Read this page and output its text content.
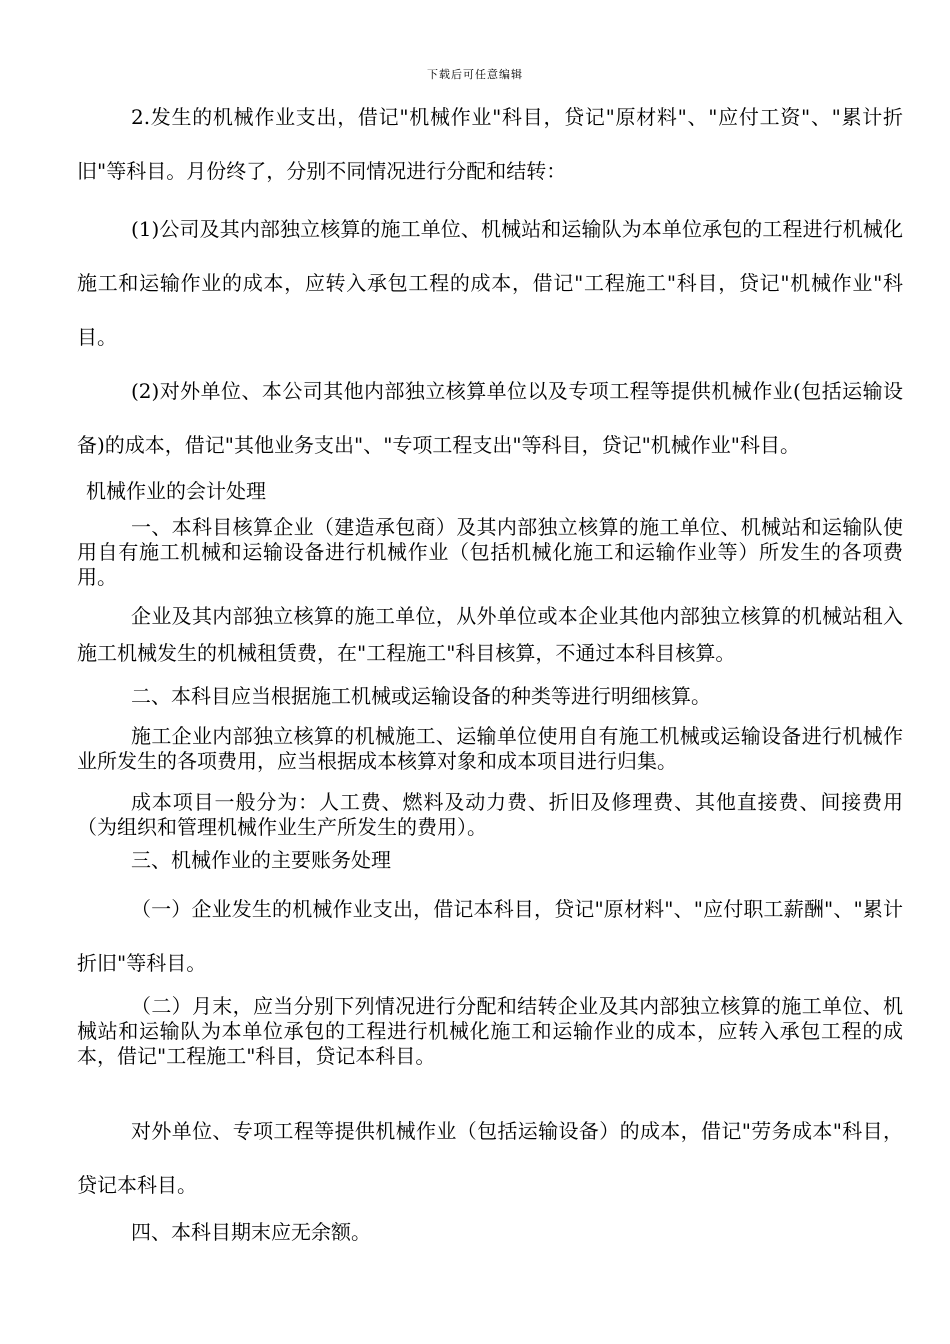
下载后可任意编辑

2.发生的机械作业支出，借记"机械作业"科目，贷记"原材料"、"应付工资"、"累计折旧"等科目。月份终了，分别不同情况进行分配和结转：

(1)公司及其内部独立核算的施工单位、机械站和运输队为本单位承包的工程进行机械化施工和运输作业的成本，应转入承包工程的成本，借记"工程施工"科目，贷记"机械作业"科目。

(2)对外单位、本公司其他内部独立核算单位以及专项工程等提供机械作业(包括运输设备)的成本，借记"其他业务支出"、"专项工程支出"等科目，贷记"机械作业"科目。

机械作业的会计处理

一、本科目核算企业（建造承包商）及其内部独立核算的施工单位、机械站和运输队使用自有施工机械和运输设备进行机械作业（包括机械化施工和运输作业等）所发生的各项费用。

企业及其内部独立核算的施工单位，从外单位或本企业其他内部独立核算的机械站租入施工机械发生的机械租赁费，在"工程施工"科目核算，不通过本科目核算。

二、本科目应当根据施工机械或运输设备的种类等进行明细核算。

施工企业内部独立核算的机械施工、运输单位使用自有施工机械或运输设备进行机械作业所发生的各项费用，应当根据成本核算对象和成本项目进行归集。

成本项目一般分为：人工费、燃料及动力费、折旧及修理费、其他直接费、间接费用（为组织和管理机械作业生产所发生的费用）。

三、机械作业的主要账务处理

（一）企业发生的机械作业支出，借记本科目，贷记"原材料"、"应付职工薪酬"、"累计折旧"等科目。

（二）月末，应当分别下列情况进行分配和结转企业及其内部独立核算的施工单位、机械站和运输队为本单位承包的工程进行机械化施工和运输作业的成本，应转入承包工程的成本，借记"工程施工"科目，贷记本科目。

对外单位、专项工程等提供机械作业（包括运输设备）的成本，借记"劳务成本"科目，贷记本科目。

四、本科目期末应无余额。
